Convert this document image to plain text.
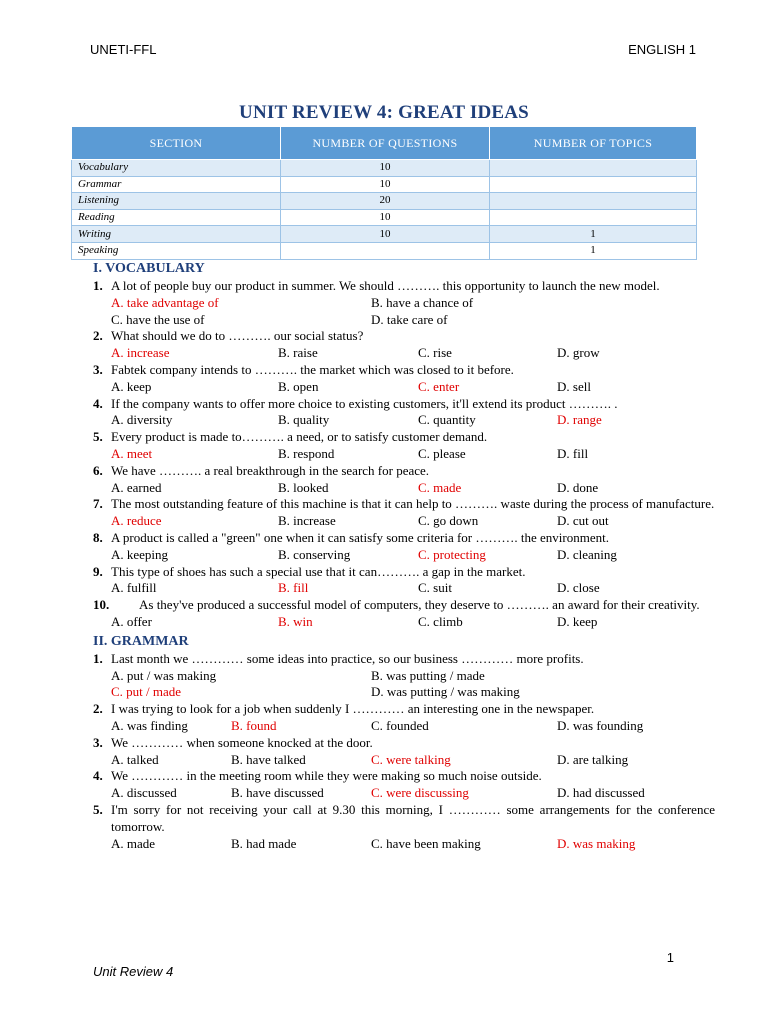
UNETI-FFL	ENGLISH 1
UNIT REVIEW 4: GREAT IDEAS
SECTION	NUMBER OF QUESTIONS	NUMBER OF TOPICS
Vocabulary	10	
Grammar	10	
Listening	20	
Reading	10	
Writing	10	1
Speaking		1
I. VOCABULARY
1. A lot of people buy our product in summer. We should ………. this opportunity to launch the new model.
A. take advantage of	B. have a chance of
C. have the use of	D. take care of
2. What should we do to ………. our social status?
A. increase	B. raise	C. rise	D. grow
3. Fabtek company intends to ………. the market which was closed to it before.
A. keep	B. open	C. enter	D. sell
4. If the company wants to offer more choice to existing customers, it'll extend its product ………. .
A. diversity	B. quality	C. quantity	D. range
5. Every product is made to………. a need, or to satisfy customer demand.
A. meet	B. respond	C. please	D. fill
6. We have ………. a real breakthrough in the search for peace.
A. earned	B. looked	C. made	D. done
7. The most outstanding feature of this machine is that it can help to ………. waste during the process of manufacture.
A. reduce	B. increase	C. go down	D. cut out
8. A product is called a "green" one when it can satisfy some criteria for ………. the environment.
A. keeping	B. conserving	C. protecting	D. cleaning
9. This type of shoes has such a special use that it can………. a gap in the market.
A. fulfill	B. fill	C. suit	D. close
10. As they've produced a successful model of computers, they deserve to ………. an award for their creativity.
A. offer	B. win	C. climb	D. keep
II. GRAMMAR
1. Last month we ………… some ideas into practice, so our business ………… more profits.
A. put / was making	B. was putting / made
C. put / made	D. was putting / was making
2. I was trying to look for a job when suddenly I ………… an interesting one in the newspaper.
A. was finding	B. found	C. founded	D. was founding
3. We ………… when someone knocked at the door.
A. talked	B. have talked	C. were talking	D. are talking
4. We ………… in the meeting room while they were making so much noise outside.
A. discussed	B. have discussed	C. were discussing	D. had discussed
5. I'm sorry for not receiving your call at 9.30 this morning, I ………… some arrangements for the conference tomorrow.
A. made	B. had made	C. have been making	D. was making
1
Unit Review 4
